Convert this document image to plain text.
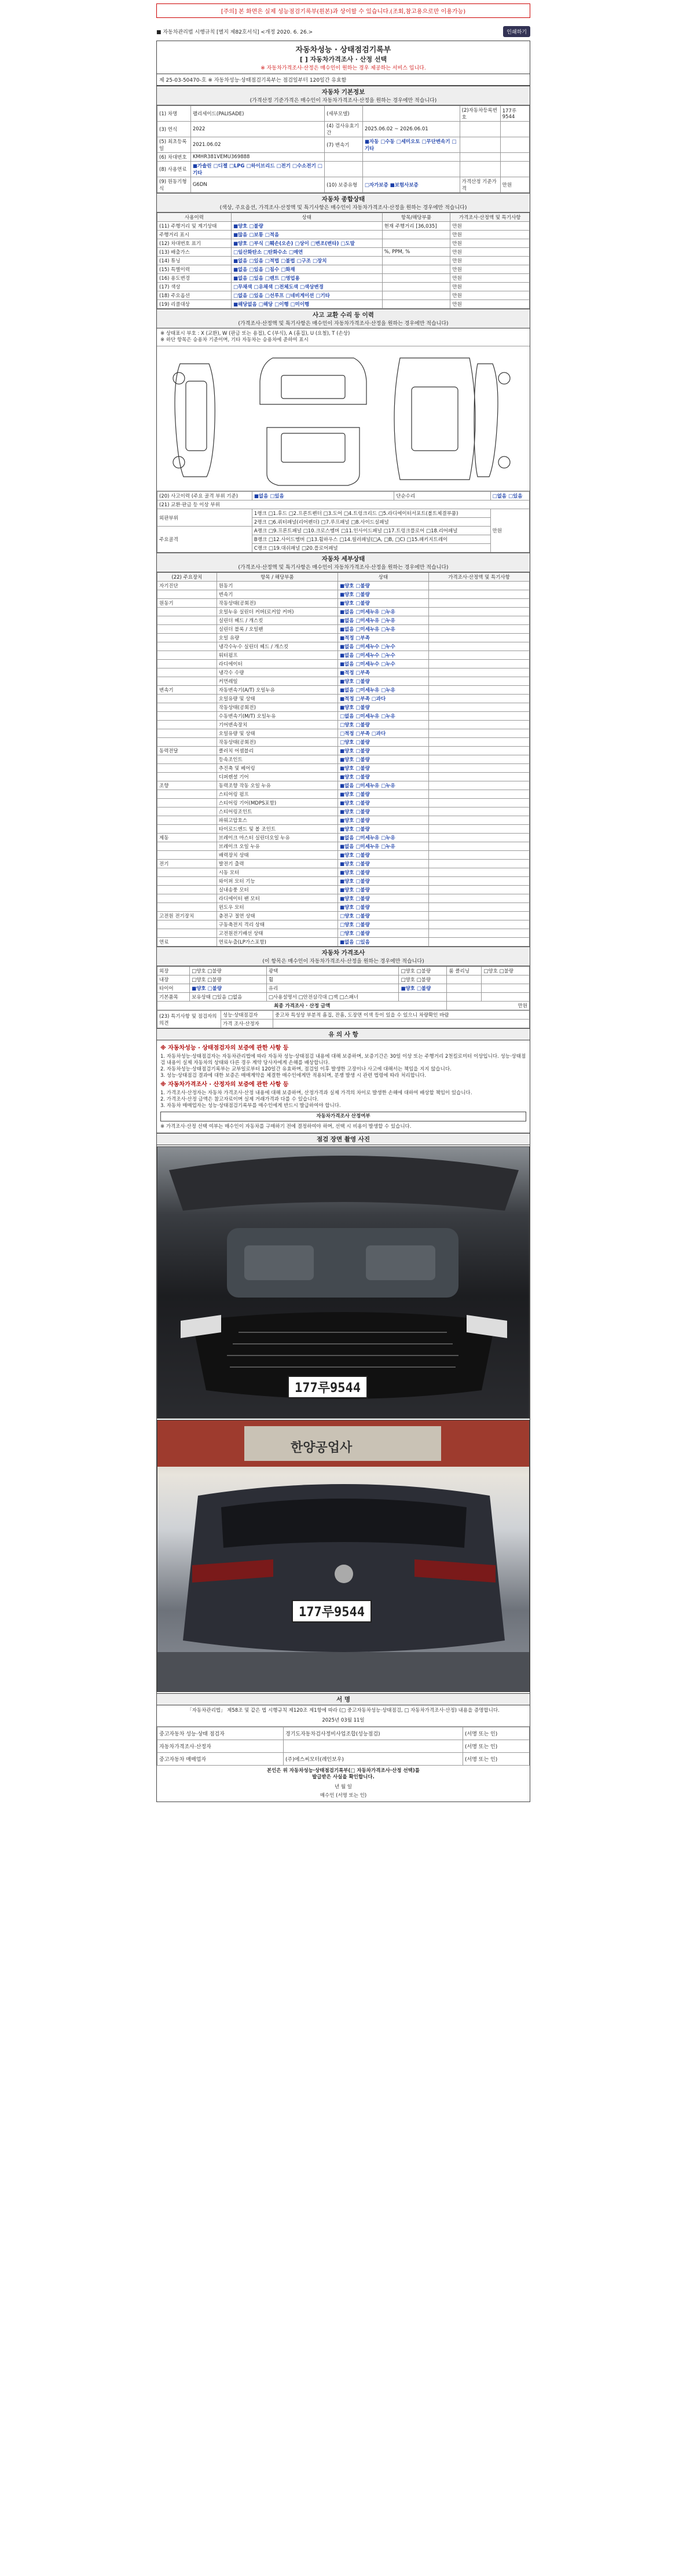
[주의] 본 화면은 실제 성능점검기록부(원본)과 상이할 수 있습니다.(조회,참고용으로만 이용가능)
■ 자동차관리법 시행규칙 [별지 제82호서식] <개정 2020. 6. 26.>	인쇄하기
자동차성능 · 상태점검기록부
[ ] 자동차가격조사 · 산정 선택
※ 자동차가격조사·산정은 매수인이 원하는 경우 제공하는 서비스 입니다.
제 25-03-50470-호 ※ 자동차성능·상태점검기록부는 점검일부터 120일간 유효함
자동차 기본정보
(가격산정 기준가격은 매수인이 자동차가격조사·산정을 원하는 경우에만 적습니다)
(1) 차명	팰리세이드(PALISADE)	(세부모델)		(2)자동차등록번호	177루9544
(3) 연식	2022	(4) 검사유효기간	2025.06.02 ~ 2026.06.01		
(5) 최초등록일	2021.06.02	(7) 변속기	■자동 □수동 □세미오토 □무단변속기 □기타		
(6) 차대번호	KMHR381VEMU369888				
(8) 사용연료	■가솔린 □디젤 □LPG □하이브리드 □전기 □수소전기 □기타				
(9) 원동기형식	G6DN	(10) 보증유형	□자가보증 ■보험사보증	가격산정 기준가격	만원
자동차 종합상태
(색상, 주요옵션, 가격조사·산정액 및 특기사항은 매수인이 자동차가격조사·산정을 원하는 경우에만 적습니다)
사용이력	상태	항목/해당부품	가격조사·산정액 및 특기사항
(11) 주행거리 및 계기상태	■양호 □불량	현재 주행거리 [36,035]	만원
주행거리 표시	■많음 □보통 □적음		만원
(12) 차대번호 표기	■양호 □부식 □훼손(오손) □상이 □변조(변타) □도말		만원
(13) 배출가스	□일산화탄소 □탄화수소 □매연	%, PPM, %	만원
(14) 튜닝	■없음 □있음 □적법 □불법 □구조 □장치		만원
(15) 특별이력	■없음 □있음 □침수 □화재		만원
(16) 용도변경	■없음 □있음 □렌트 □영업용		만원
(17) 색상	□무채색 □유채색 □전체도색 □색상변경		만원
(18) 주요옵션	□없음 □있음 □선루프 □네비게이션 □기타		만원
(19) 리콜대상	■해당없음 □해당 □이행 □미이행		만원
사고 교환 수리 등 이력
(가격조사·산정액 및 특기사항은 매수인이 자동차가격조사·산정을 원하는 경우에만 적습니다)
※ 상태표시 부호 : X (교환), W (판금 또는 용접), C (부식), A (흠집), U (요철), T (손상)
※ 하단 항목은 승용차 기준이며, 기타 자동차는 승용차에 준하여 표시
(20) 사고이력 (주요 골격 부위 기준)	■없음 □있음	단순수리	□없음 □있음
(21) 교환·판금 등 이상 부위			
외판부위	1랭크 □1.후드 □2.프론트펜더 □3.도어 □4.트렁크리드 □5.라디에이터서포트(볼트체결부품)		만원
	2랭크 □6.쿼터패널(리어펜더) □7.루프패널 □8.사이드실패널		
주요골격	A랭크 □9.프론트패널 □10.크로스멤버 □11.인사이드패널 □17.트렁크플로어 □18.리어패널		
	B랭크 □12.사이드멤버 □13.휠하우스 □14.필러패널(□A, □B, □C) □15.패키지트레이		
	C랭크 □19.대쉬패널 □20.플로어패널		
자동차 세부상태
(가격조사·산정액 및 특기사항은 매수인이 자동차가격조사·산정을 원하는 경우에만 적습니다)
(22) 주요장치	항목 / 해당부품	상태	가격조사·산정액 및 특기사항
자기진단	원동기	■양호 □불량	
	변속기	■양호 □불량	
원동기	작동상태(공회전)	■양호 □불량	
	오일누유 실린더 커버(로커암 커버)	■없음 □미세누유 □누유	
	실린더 헤드 / 개스킷	■없음 □미세누유 □누유	
	실린더 블록 / 오일팬	■없음 □미세누유 □누유	
	오일 유량	■적정 □부족	
	냉각수누수 실린더 헤드 / 개스킷	■없음 □미세누수 □누수	
	워터펌프	■없음 □미세누수 □누수	
	라디에이터	■없음 □미세누수 □누수	
	냉각수 수량	■적정 □부족	
	커먼레일	■양호 □불량	
변속기	자동변속기(A/T) 오일누유	■없음 □미세누유 □누유	
	오일유량 및 상태	■적정 □부족 □과다	
	작동상태(공회전)	■양호 □불량	
	수동변속기(M/T) 오일누유	□없음 □미세누유 □누유	
	기어변속장치	□양호 □불량	
	오일유량 및 상태	□적정 □부족 □과다	
	작동상태(공회전)	□양호 □불량	
동력전달	클러치 어셈블리	■양호 □불량	
	등속조인트	■양호 □불량	
	추진축 및 베어링	■양호 □불량	
	디퍼렌셜 기어	■양호 □불량	
조향	동력조향 작동 오일 누유	■없음 □미세누유 □누유	
	스티어링 펌프	■양호 □불량	
	스티어링 기어(MDPS포함)	■양호 □불량	
	스티어링조인트	■양호 □불량	
	파워고압호스	■양호 □불량	
	타이로드엔드 및 볼 조인트	■양호 □불량	
제동	브레이크 마스터 실린더오일 누유	■없음 □미세누유 □누유	
	브레이크 오일 누유	■없음 □미세누유 □누유	
	배력장치 상태	■양호 □불량	
전기	발전기 출력	■양호 □불량	
	시동 모터	■양호 □불량	
	와이퍼 모터 기능	■양호 □불량	
	실내송풍 모터	■양호 □불량	
	라디에이터 팬 모터	■양호 □불량	
	윈도우 모터	■양호 □불량	
고전원 전기장치	충전구 절연 상태	□양호 □불량	
	구동축전지 격리 상태	□양호 □불량	
	고전원전기배선 상태	□양호 □불량	
연료	연료누출(LP가스포함)	■없음 □있음	
자동차 가격조사
(이 항목은 매수인이 자동차가격조사·산정을 원하는 경우에만 적습니다)
외장	□양호 □불량	광택	□양호 □불량	룸 클리닝	□양호 □불량
내장	□양호 □불량	휠	□양호 □불량		
타이어	■양호 □불량	유리	■양호 □불량		
기본품목	보유상태 □있음 □없음	□사용설명서 □안전삼각대 □잭 □스패너			
최종 가격조사 · 산정 금액				만원	
(23) 특기사항 및 점검자의 의견	성능·상태점검자	중고차 특성상 부분적 흠집, 잔흠, 도장면 이색 등이 있을 수 있으니 차량확인 바람
	가격 조사·산정자	
유 의 사 항
※ 자동차성능 · 상태점검자의 보증에 관한 사항 등

1. 자동차성능·상태점검자는 자동차관리법에 따라 자동차 성능·상태점검 내용에 대해 보증하며, 보증기간은 30일 이상 또는 주행거리 2천킬로미터 이상입니다. 성능·상태점검 내용이 실제 자동차의 상태와 다른 경우 계약 당사자에게 손해를 배상합니다.

2. 자동차성능·상태점검기록부는 교부일로부터 120일간 유효하며, 점검일 이후 발생한 고장이나 사고에 대해서는 책임을 지지 않습니다.

3. 성능·상태점검 결과에 대한 보증은 매매계약을 체결한 매수인에게만 적용되며, 분쟁 발생 시 관련 법령에 따라 처리합니다.

※ 자동차가격조사 · 산정자의 보증에 관한 사항 등

1. 가격조사·산정자는 자동차 가격조사·산정 내용에 대해 보증하며, 산정가격과 실제 가격의 차이로 발생한 손해에 대하여 배상할 책임이 있습니다.

2. 가격조사·산정 금액은 참고자료이며 실제 거래가격과 다를 수 있습니다.

3. 자동차 매매업자는 성능·상태점검기록부를 매수인에게 반드시 발급하여야 합니다.

자동차가격조사 산정여부

※ 가격조사·산정 선택 여부는 매수인이 자동차를 구매하기 전에 결정하여야 하며, 선택 시 비용이 발생할 수 있습니다.

점검 장면 촬영 사진
177루9544
한양공업사
177루9544
서 명

「자동차관리법」 제58조 및 같은 법 시행규칙 제120조 제1항에 따라 (□ 중고자동차성능·상태점검, □ 자동차가격조사·산정) 내용을 증명합니다.

2025년 03월 11일

중고자동차 성능·상태 점검자	경기도자동차검사정비사업조합(성능점검)	(서명 또는 인)
자동차가격조사·산정자		(서명 또는 인)
중고자동차 매매업자	(주)에스씨모터(레인보우)	(서명 또는 인)

본인은 위 자동차성능·상태점검기록부(□ 자동차가격조사·산정 선택)를

발급받은 사실을 확인합니다.

년 월 일

매수인 (서명 또는 인)
